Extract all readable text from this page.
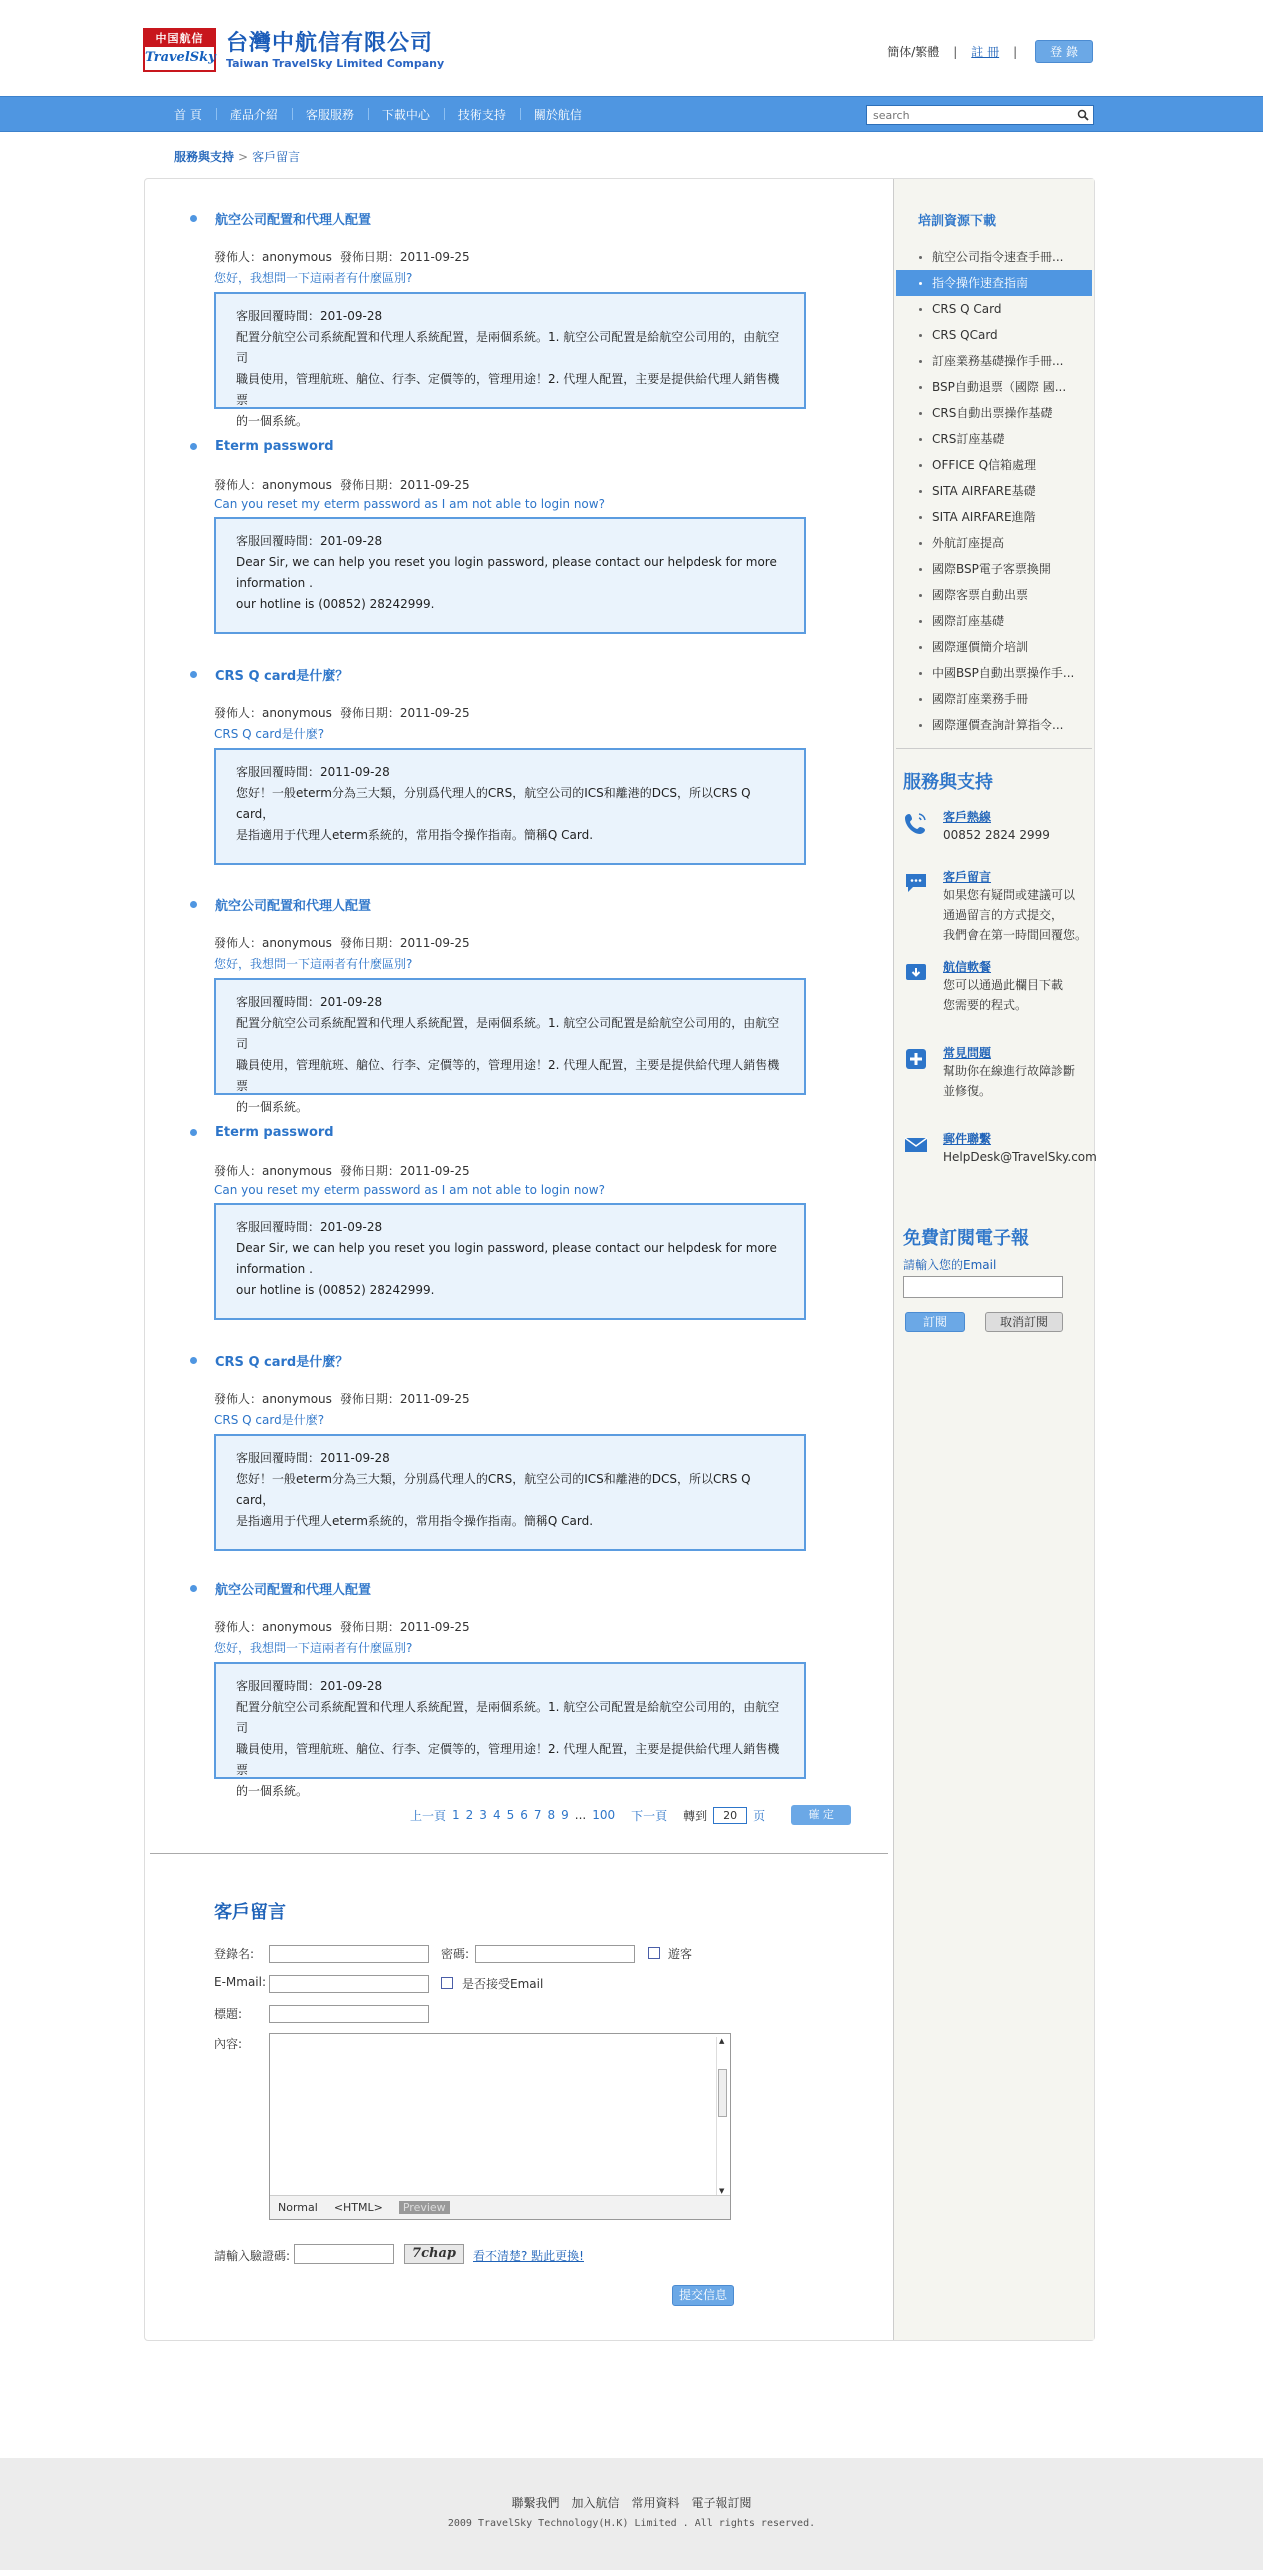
中国航信
TravelSky
台灣中航信有限公司
Taiwan TravelSky Limited Company
簡体/繁體 | 註 冊 |	登 錄
首 頁	產品介紹	客服服務	下載中心	技術支持	關於航信
search
服務與支持 > 客戶留言
航空公司配置和代理人配置
發佈人：anonymous 發佈日期：2011-09-25
您好，我想問一下這兩者有什麼區別?
客服回覆時間：201-09-28
配置分航空公司系統配置和代理人系統配置，是兩個系統。1. 航空公司配置是給航空公司用的，由航空司
職員使用，管理航班、艙位、行李、定價等的，管理用途！2. 代理人配置，主要是提供給代理人銷售機票
的一個系統。
Eterm password
發佈人：anonymous 發佈日期：2011-09-25
Can you reset my eterm password as I am not able to login now?
客服回覆時間：201-09-28
Dear Sir, we can help you reset you login password, please contact our helpdesk for more information .
our hotline is (00852) 28242999.
CRS Q card是什麼？
發佈人：anonymous 發佈日期：2011-09-25
CRS Q card是什麼?
客服回覆時間：2011-09-28
您好！一般eterm分為三大類，分別爲代理人的CRS，航空公司的ICS和離港的DCS，所以CRS Q card，
是指適用于代理人eterm系統的，常用指令操作指南。簡稱Q Card.
航空公司配置和代理人配置
發佈人：anonymous 發佈日期：2011-09-25
您好，我想問一下這兩者有什麼區別?
客服回覆時間：201-09-28
配置分航空公司系統配置和代理人系統配置，是兩個系統。1. 航空公司配置是給航空公司用的，由航空司
職員使用，管理航班、艙位、行李、定價等的，管理用途！2. 代理人配置，主要是提供給代理人銷售機票
的一個系統。
Eterm password
發佈人：anonymous 發佈日期：2011-09-25
Can you reset my eterm password as I am not able to login now?
客服回覆時間：201-09-28
Dear Sir, we can help you reset you login password, please contact our helpdesk for more information .
our hotline is (00852) 28242999.
CRS Q card是什麼？
發佈人：anonymous 發佈日期：2011-09-25
CRS Q card是什麼?
客服回覆時間：2011-09-28
您好！一般eterm分為三大類，分別爲代理人的CRS，航空公司的ICS和離港的DCS，所以CRS Q card，
是指適用于代理人eterm系統的，常用指令操作指南。簡稱Q Card.
航空公司配置和代理人配置
發佈人：anonymous 發佈日期：2011-09-25
您好，我想問一下這兩者有什麼區別?
客服回覆時間：201-09-28
配置分航空公司系統配置和代理人系統配置，是兩個系統。1. 航空公司配置是給航空公司用的，由航空司
職員使用，管理航班、艙位、行李、定價等的，管理用途！2. 代理人配置，主要是提供給代理人銷售機票
的一個系統。
上一頁 1 2 3 4 5 6 7 8 9 ... 100 下一頁 轉到
20	页	確 定
客戶留言
登錄名:	密碼:	遊客
E-Mmail:	是否接受Email
標題:
內容:	▲
▼
Normal <HTML>	Preview
請輸入驗證碼:	7chap	看不清楚? 點此更換!
提交信息
培訓資源下載
航空公司指令速查手冊...
指令操作速查指南
CRS Q Card
CRS QCard
訂座業務基礎操作手冊...
BSP自動退票（國際 國...
CRS自動出票操作基礎
CRS訂座基礎
OFFICE Q信箱處理
SITA AIRFARE基礎
SITA AIRFARE進階
外航訂座提高
國際BSP電子客票換開
國際客票自動出票
國際訂座基礎
國際運價簡介培訓
中國BSP自動出票操作手...
國際訂座業務手冊
國際運價查詢計算指令...
服務與支持
客戶熱線
00852 2824 2999
客戶留言
如果您有疑問或建議可以
通過留言的方式提交，
我們會在第一時間回覆您。
航信軟餐
您可以通過此欄目下載
您需要的程式。
常見問題
幫助你在線進行故障診斷
並修復。
郵件聯繫
HelpDesk@TravelSky.com
免費訂閱電子報
請輸入您的Email
訂閱	取消訂閱
聯繫我們 加入航信 常用資料 電子報訂閱
2009 TravelSky Technology(H.K) Limited . All rights reserved.
